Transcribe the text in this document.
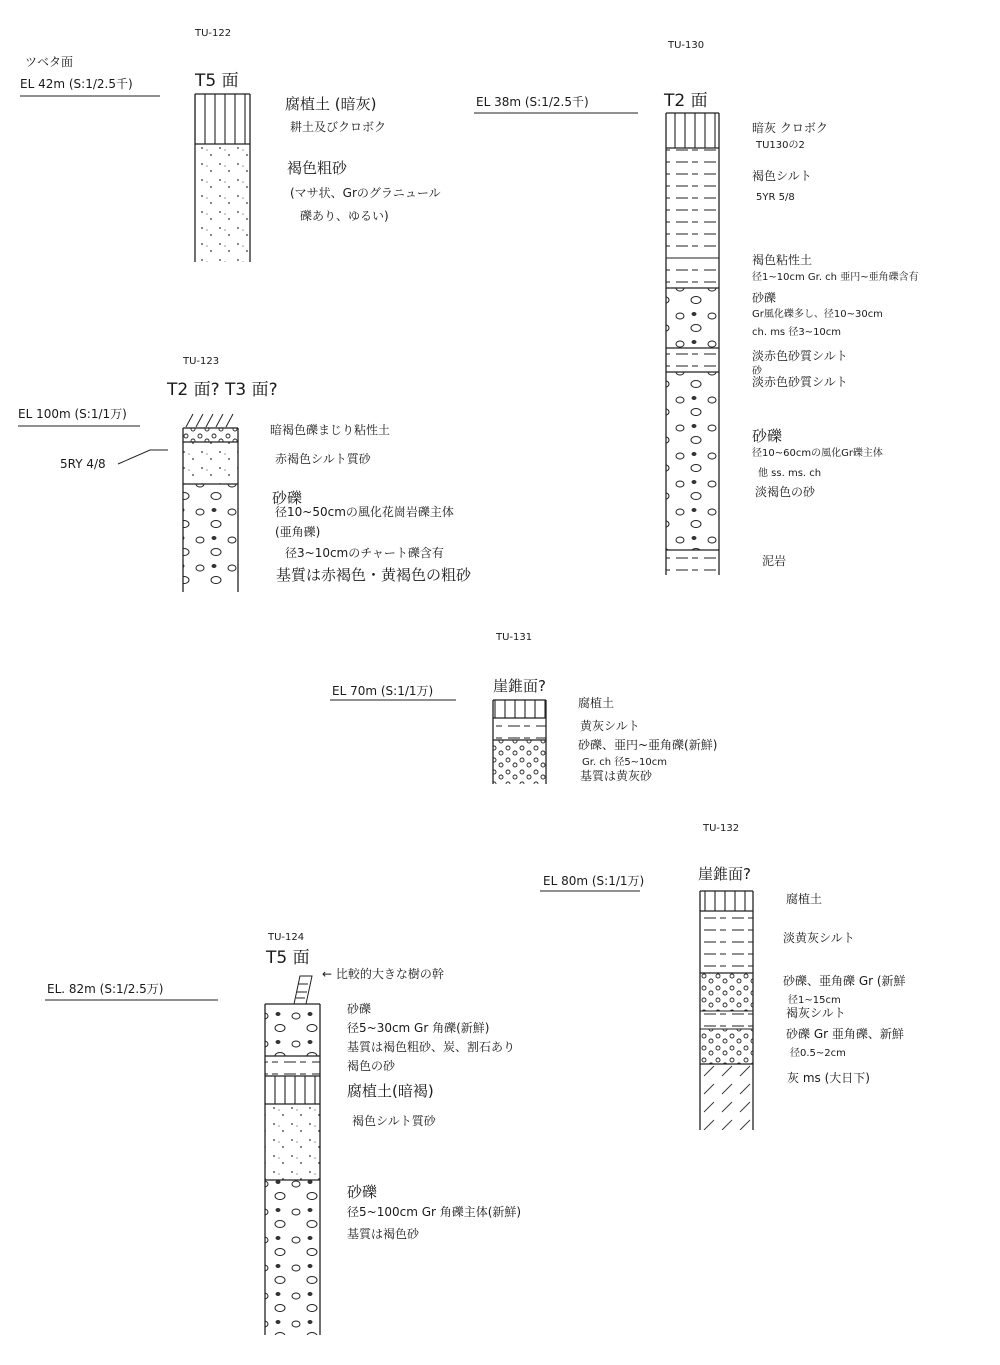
TU-122
ツベタ面
EL 42m (S:1/2.5千)	T5 面
腐植土 (暗灰)
耕土及びクロボク
褐色粗砂
(マサ状、Grのグラニュール
礫あり、ゆるい)
TU-123
T2 面? T3 面?
EL 100m (S:1/1万)
5RY 4/8
暗褐色礫まじり粘性土
赤褐色シルト質砂
砂礫
径10~50cmの風化花崗岩礫主体
(亜角礫)
径3~10cmのチャート礫含有
基質は赤褐色・黄褐色の粗砂
TU-130
EL 38m (S:1/2.5千)	T2 面
暗灰 クロボク
TU130の2
褐色シルト
5YR 5/8
褐色粘性土
径1~10cm Gr. ch 亜円~亜角礫含有
砂礫
Gr風化礫多し、径10~30cm
ch. ms 径3~10cm
淡赤色砂質シルト
砂
淡赤色砂質シルト
砂礫
径10~60cmの風化Gr礫主体
他 ss. ms. ch
淡褐色の砂
泥岩
TU-131
EL 70m (S:1/1万)	崖錐面?
腐植土
黄灰シルト
砂礫、亜円~亜角礫(新鮮)
Gr. ch 径5~10cm
基質は黄灰砂
TU-132
EL 80m (S:1/1万)	崖錐面?
腐植土
淡黄灰シルト
砂礫、亜角礫 Gr (新鮮
径1~15cm
褐灰シルト
砂礫 Gr 亜角礫、新鮮
径0.5~2cm
灰 ms (大日下)
TU-124
T5 面
EL. 82m (S:1/2.5万)
← 比較的大きな樹の幹
砂礫
径5~30cm Gr 角礫(新鮮)
基質は褐色粗砂、炭、割石あり
褐色の砂
腐植土(暗褐)
褐色シルト質砂
砂礫
径5~100cm Gr 角礫主体(新鮮)
基質は褐色砂
